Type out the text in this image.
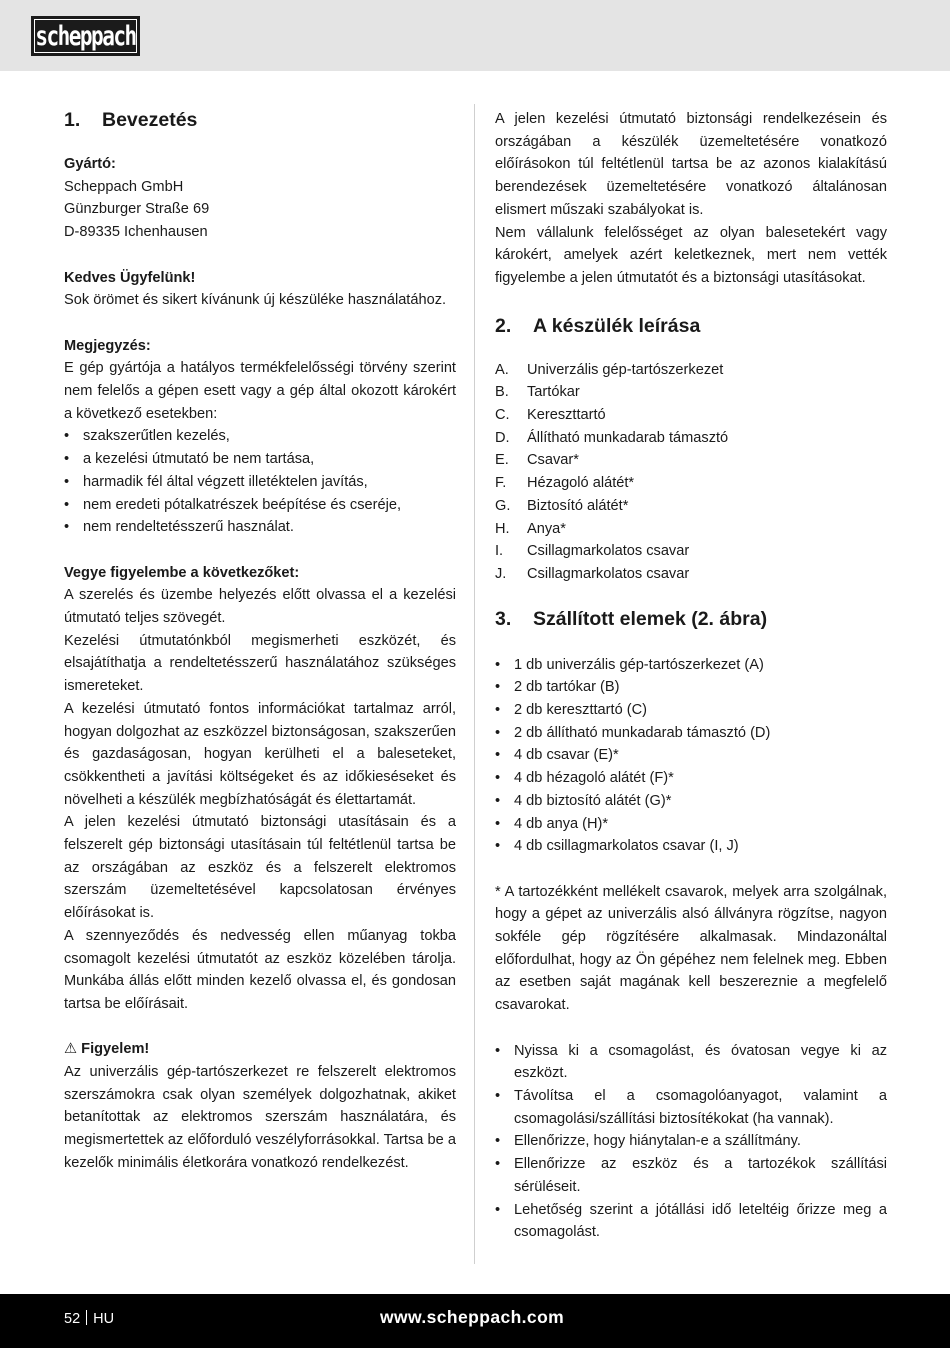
scheppach
1.	Bevezetés

Gyártó:

Scheppach GmbH

Günzburger Straße 69

D-89335 Ichenhausen

Kedves Ügyfelünk!

Sok örömet és sikert kívánunk új készüléke használatához.

Megjegyzés:

E gép gyártója a hatályos termékfelelősségi törvény szerint nem felelős a gépen esett vagy a gép által okozott károkért a következő esetekben:

• szakszerűtlen kezelés,
• a kezelési útmutató be nem tartása,
• harmadik fél által végzett illetéktelen javítás,
• nem eredeti pótalkatrészek beépítése és cseréje,
• nem rendeltetésszerű használat.

Vegye figyelembe a következőket:

A szerelés és üzembe helyezés előtt olvassa el a kezelési útmutató teljes szövegét.

Kezelési útmutatónkból megismerheti eszközét, és elsajátíthatja a rendeltetésszerű használatához szükséges ismereteket.

A kezelési útmutató fontos információkat tartalmaz arról, hogyan dolgozhat az eszközzel biztonságosan, szakszerűen és gazdaságosan, hogyan kerülheti el a baleseteket, csökkentheti a javítási költségeket és az időkieséseket és növelheti a készülék megbízhatóságát és élettartamát.

A jelen kezelési útmutató biztonsági utasításain és a felszerelt gép biztonsági utasításain túl feltétlenül tartsa be az országában az eszköz és a felszerelt elektromos szerszám üzemeltetésével kapcsolatosan érvényes előírásokat is.

A szennyeződés és nedvesség ellen műanyag tokba csomagolt kezelési útmutatót az eszköz közelében tárolja. Munkába állás előtt minden kezelő olvassa el, és gondosan tartsa be előírásait.

⚠ Figyelem!

Az univerzális gép-tartószerkezet re felszerelt elektromos szerszámokra csak olyan személyek dolgozhatnak, akiket betanítottak az elektromos szerszám használatára, és megismertettek az előforduló veszélyforrásokkal. Tartsa be a kezelők minimális életkorára vonatkozó rendelkezést.

A jelen kezelési útmutató biztonsági rendelkezésein és országában a készülék üzemeltetésére vonatkozó előírásokon túl feltétlenül tartsa be az azonos kialakítású berendezések üzemeltetésére vonatkozó általánosan elismert műszaki szabályokat is.

Nem vállalunk felelősséget az olyan balesetekért vagy károkért, amelyek azért keletkeznek, mert nem vették figyelembe a jelen útmutatót és a biztonsági utasításokat.

2.	A készülék leírása
A.	Univerzális gép-tartószerkezet
B.	Tartókar
C.	Kereszttartó
D.	Állítható munkadarab támasztó
E.	Csavar*
F.	Hézagoló alátét*
G.	Biztosító alátét*
H.	Anya*
I.	Csillagmarkolatos csavar
J.	Csillagmarkolatos csavar
3.	Szállított elemek (2. ábra)
• 1 db univerzális gép-tartószerkezet (A)
• 2 db tartókar (B)
• 2 db kereszttartó (C)
• 2 db állítható munkadarab támasztó (D)
• 4 db csavar (E)*
• 4 db hézagoló alátét (F)*
• 4 db biztosító alátét (G)*
• 4 db anya (H)*
• 4 db csillagmarkolatos csavar (I, J)

* A tartozékként mellékelt csavarok, melyek arra szolgálnak, hogy a gépet az univerzális alsó állványra rögzítse, nagyon sokféle gép rögzítésére alkalmasak. Mindazonáltal előfordulhat, hogy az Ön gépéhez nem felelnek meg. Ebben az esetben saját magának kell beszereznie a megfelelő csavarokat.

• Nyissa ki a csomagolást, és óvatosan vegye ki az eszközt.
• Távolítsa el a csomagolóanyagot, valamint a csomagolási/szállítási biztosítékokat (ha vannak).
• Ellenőrizze, hogy hiánytalan-e a szállítmány.
• Ellenőrizze az eszköz és a tartozékok szállítási sérüléseit.
• Lehetőség szerint a jótállási idő leteltéig őrizze meg a csomagolást.
52 HU	www.scheppach.com
